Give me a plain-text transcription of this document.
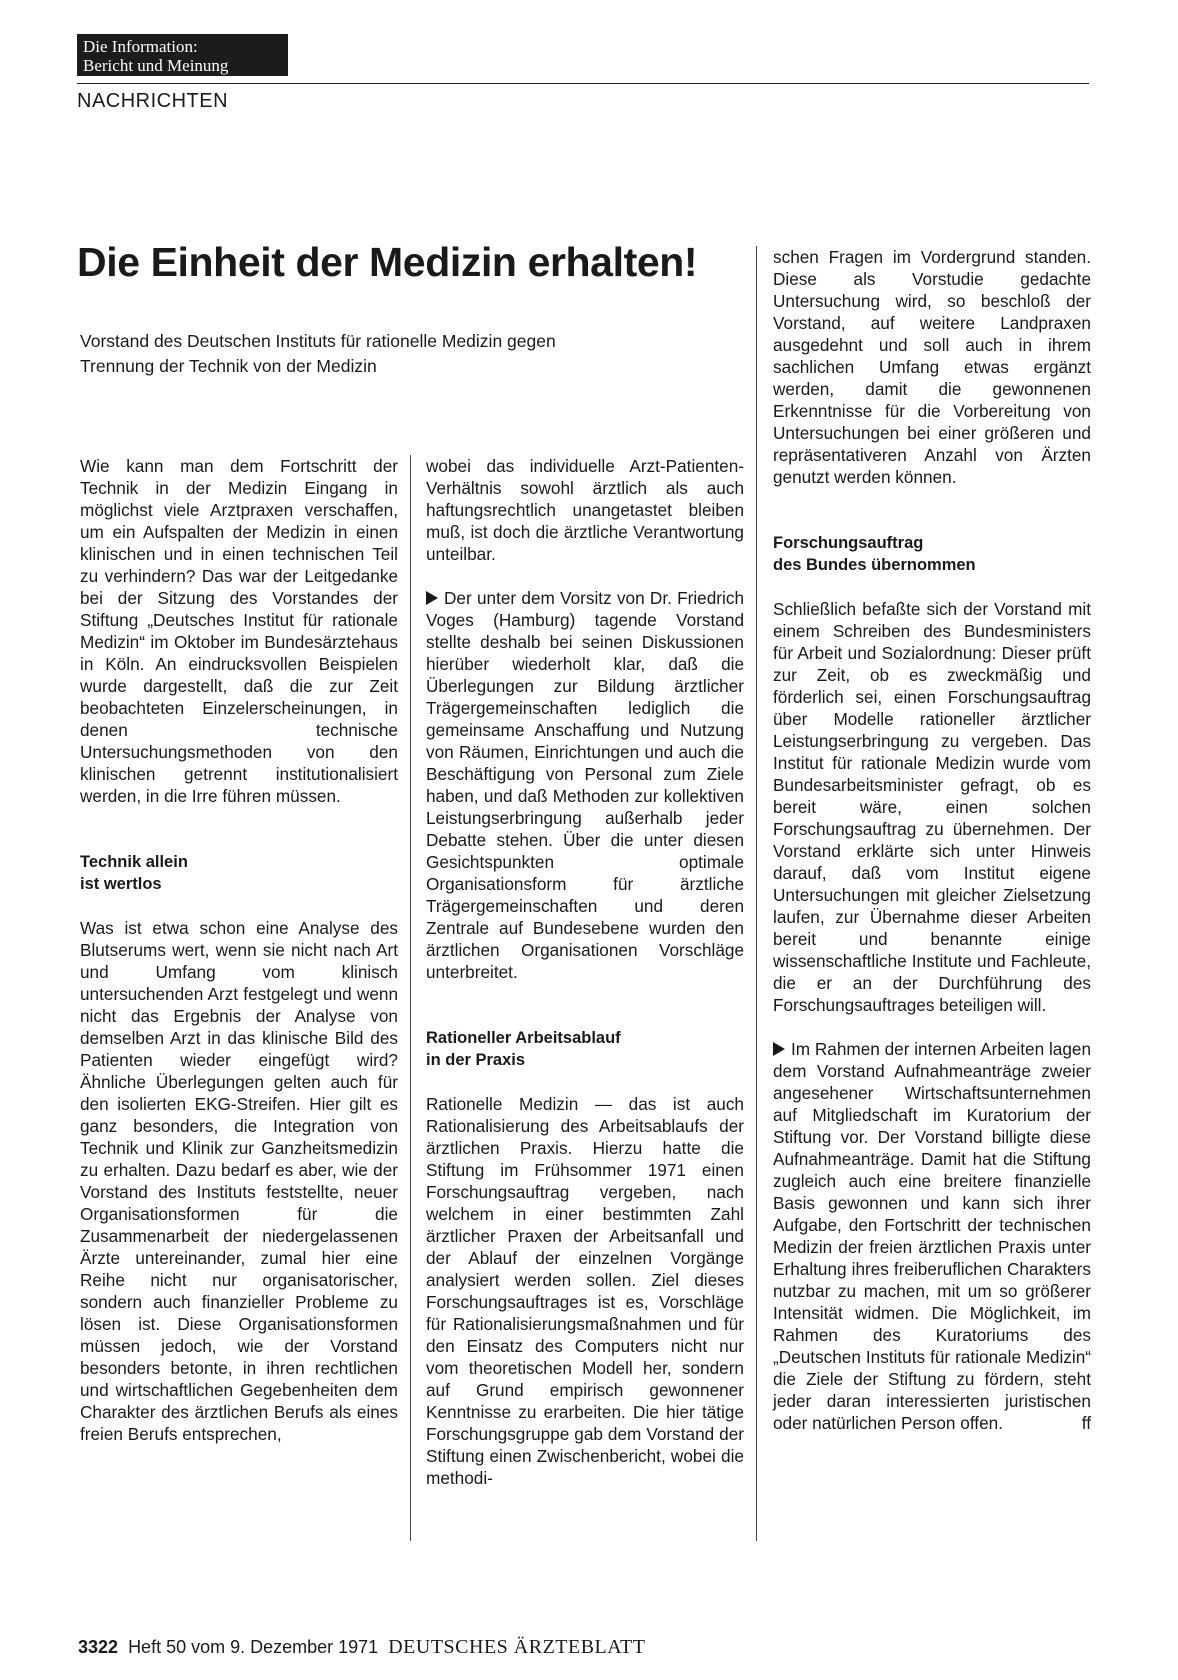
Die Information:
Bericht und Meinung
NACHRICHTEN
Die Einheit der Medizin erhalten!
Vorstand des Deutschen Instituts für rationelle Medizin gegen
Trennung der Technik von der Medizin

Wie kann man dem Fortschritt der Technik in der Medizin Eingang in möglichst viele Arztpraxen verschaffen, um ein Aufspalten der Medizin in einen klinischen und in einen technischen Teil zu verhindern? Das war der Leitgedanke bei der Sitzung des Vorstandes der Stiftung „Deutsches Institut für rationale Medizin“ im Oktober im Bundesärztehaus in Köln. An eindrucksvollen Beispielen wurde dargestellt, daß die zur Zeit beobachteten Einzelerscheinungen, in denen technische Untersuchungsmethoden von den klinischen getrennt institutionalisiert werden, in die Irre führen müssen.

Technik allein
ist wertlos

Was ist etwa schon eine Analyse des Blutserums wert, wenn sie nicht nach Art und Umfang vom klinisch untersuchenden Arzt festgelegt und wenn nicht das Ergebnis der Analyse von demselben Arzt in das klinische Bild des Patienten wieder eingefügt wird? Ähnliche Überlegungen gelten auch für den isolierten EKG-Streifen. Hier gilt es ganz besonders, die Integration von Technik und Klinik zur Ganzheitsmedizin zu erhalten. Dazu bedarf es aber, wie der Vorstand des Instituts feststellte, neuer Organisationsformen für die Zusammenarbeit der niedergelassenen Ärzte untereinander, zumal hier eine Reihe nicht nur organisatorischer, sondern auch finanzieller Probleme zu lösen ist. Diese Organisationsformen müssen jedoch, wie der Vorstand besonders betonte, in ihren rechtlichen und wirtschaftlichen Gegebenheiten dem Charakter des ärztlichen Berufs als eines freien Berufs entsprechen,

wobei das individuelle Arzt-Patienten-Verhältnis sowohl ärztlich als auch haftungsrechtlich unangetastet bleiben muß, ist doch die ärztliche Verantwortung unteilbar.

Der unter dem Vorsitz von Dr. Friedrich Voges (Hamburg) tagende Vorstand stellte deshalb bei seinen Diskussionen hierüber wiederholt klar, daß die Überlegungen zur Bildung ärztlicher Trägergemeinschaften lediglich die gemeinsame Anschaffung und Nutzung von Räumen, Einrichtungen und auch die Beschäftigung von Personal zum Ziele haben, und daß Methoden zur kollektiven Leistungserbringung außerhalb jeder Debatte stehen. Über die unter diesen Gesichtspunkten optimale Organisationsform für ärztliche Trägergemeinschaften und deren Zentrale auf Bundesebene wurden den ärztlichen Organisationen Vorschläge unterbreitet.

Rationeller Arbeitsablauf
in der Praxis

Rationelle Medizin — das ist auch Rationalisierung des Arbeitsablaufs der ärztlichen Praxis. Hierzu hatte die Stiftung im Frühsommer 1971 einen Forschungsauftrag vergeben, nach welchem in einer bestimmten Zahl ärztlicher Praxen der Arbeitsanfall und der Ablauf der einzelnen Vorgänge analysiert werden sollen. Ziel dieses Forschungsauftrages ist es, Vorschläge für Rationalisierungsmaßnahmen und für den Einsatz des Computers nicht nur vom theoretischen Modell her, sondern auf Grund empirisch gewonnener Kenntnisse zu erarbeiten. Die hier tätige Forschungsgruppe gab dem Vorstand der Stiftung einen Zwischenbericht, wobei die methodi-

schen Fragen im Vordergrund standen. Diese als Vorstudie gedachte Untersuchung wird, so beschloß der Vorstand, auf weitere Landpraxen ausgedehnt und soll auch in ihrem sachlichen Umfang etwas ergänzt werden, damit die gewonnenen Erkenntnisse für die Vorbereitung von Untersuchungen bei einer größeren und repräsentativeren Anzahl von Ärzten genutzt werden können.

Forschungsauftrag
des Bundes übernommen

Schließlich befaßte sich der Vorstand mit einem Schreiben des Bundesministers für Arbeit und Sozialordnung: Dieser prüft zur Zeit, ob es zweckmäßig und förderlich sei, einen Forschungsauftrag über Modelle rationeller ärztlicher Leistungserbringung zu vergeben. Das Institut für rationale Medizin wurde vom Bundesarbeitsminister gefragt, ob es bereit wäre, einen solchen Forschungsauftrag zu übernehmen. Der Vorstand erklärte sich unter Hinweis darauf, daß vom Institut eigene Untersuchungen mit gleicher Zielsetzung laufen, zur Übernahme dieser Arbeiten bereit und benannte einige wissenschaftliche Institute und Fachleute, die er an der Durchführung des Forschungsauftrages beteiligen will.

Im Rahmen der internen Arbeiten lagen dem Vorstand Aufnahmeanträge zweier angesehener Wirtschaftsunternehmen auf Mitgliedschaft im Kuratorium der Stiftung vor. Der Vorstand billigte diese Aufnahmeanträge. Damit hat die Stiftung zugleich auch eine breitere finanzielle Basis gewonnen und kann sich ihrer Aufgabe, den Fortschritt der technischen Medizin der freien ärztlichen Praxis unter Erhaltung ihres freiberuflichen Charakters nutzbar zu machen, mit um so größerer Intensität widmen. Die Möglichkeit, im Rahmen des Kuratoriums des „Deutschen Instituts für rationale Medizin“ die Ziele der Stiftung zu fördern, steht jeder daran interessierten juristischen oder natürlichen Person offen.	ff

3322 Heft 50 vom 9. Dezember 1971 DEUTSCHES ÄRZTEBLATT
